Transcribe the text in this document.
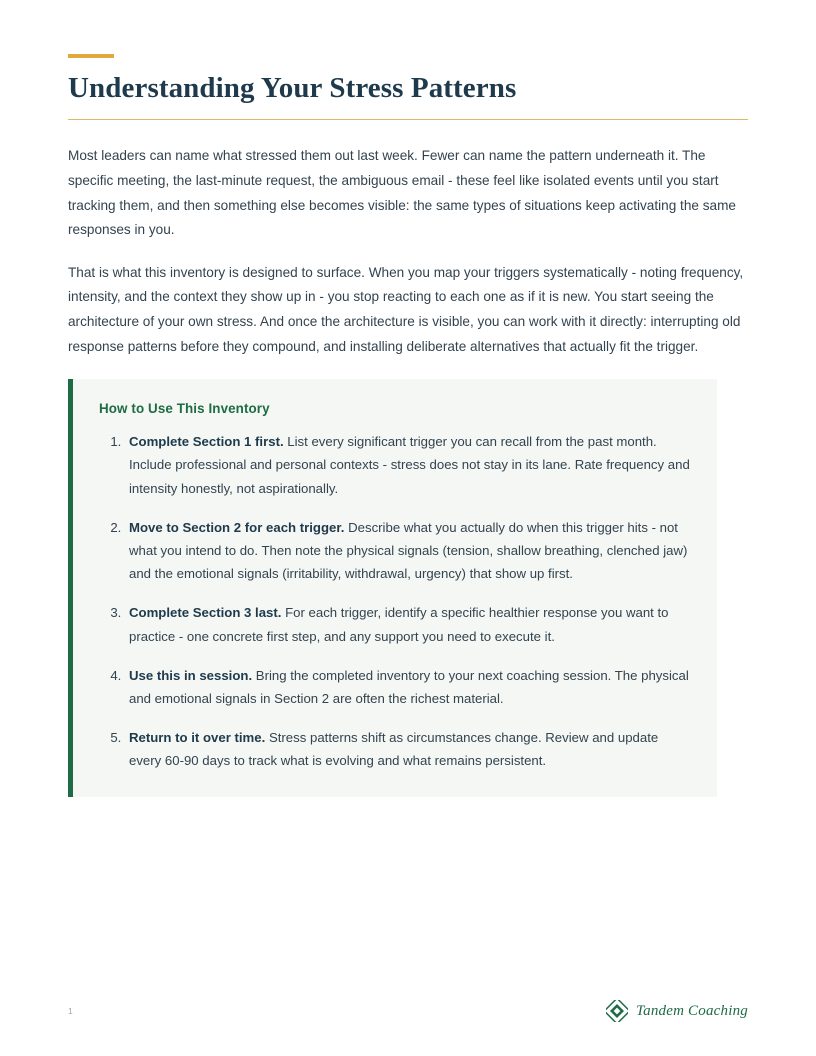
Understanding Your Stress Patterns

Most leaders can name what stressed them out last week. Fewer can name the pattern underneath it. The specific meeting, the last-minute request, the ambiguous email - these feel like isolated events until you start tracking them, and then something else becomes visible: the same types of situations keep activating the same responses in you.

That is what this inventory is designed to surface. When you map your triggers systematically - noting frequency, intensity, and the context they show up in - you stop reacting to each one as if it is new. You start seeing the architecture of your own stress. And once the architecture is visible, you can work with it directly: interrupting old response patterns before they compound, and installing deliberate alternatives that actually fit the trigger.

How to Use This Inventory
1. Complete Section 1 first. List every significant trigger you can recall from the past month. Include professional and personal contexts - stress does not stay in its lane. Rate frequency and intensity honestly, not aspirationally.
2. Move to Section 2 for each trigger. Describe what you actually do when this trigger hits - not what you intend to do. Then note the physical signals (tension, shallow breathing, clenched jaw) and the emotional signals (irritability, withdrawal, urgency) that show up first.
3. Complete Section 3 last. For each trigger, identify a specific healthier response you want to practice - one concrete first step, and any support you need to execute it.
4. Use this in session. Bring the completed inventory to your next coaching session. The physical and emotional signals in Section 2 are often the richest material.
5. Return to it over time. Stress patterns shift as circumstances change. Review and update every 60-90 days to track what is evolving and what remains persistent.
1	Tandem Coaching
